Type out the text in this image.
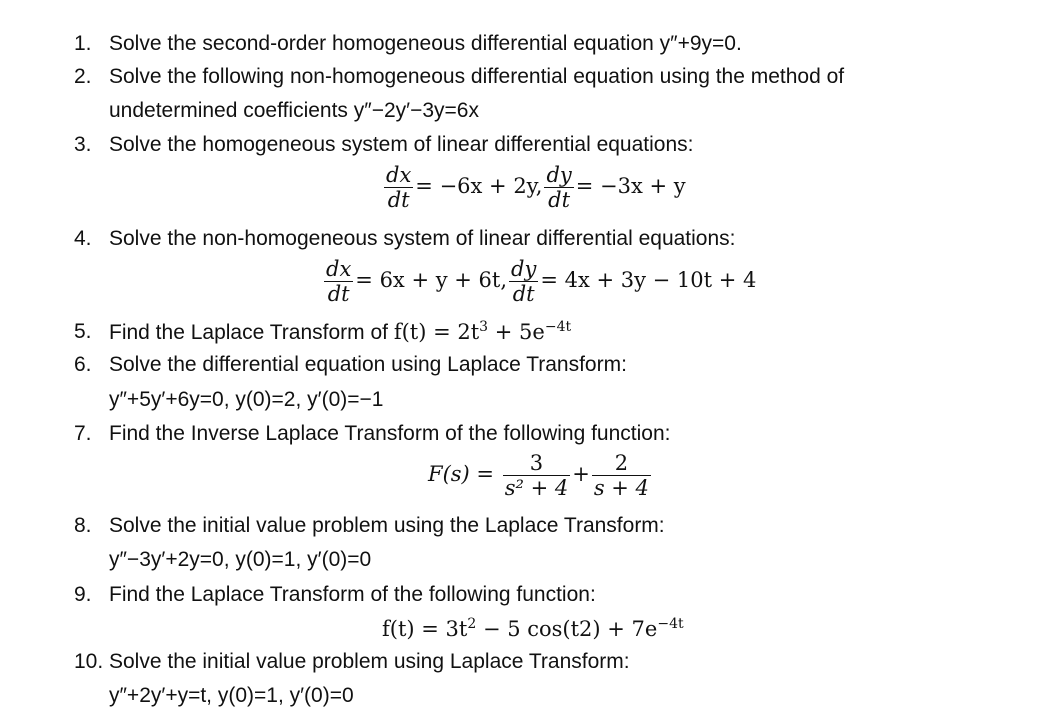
1. Solve the second-order homogeneous differential equation y″+9y=0.
2. Solve the following non-homogeneous differential equation using the method of
undetermined coefficients y″−2y′−3y=6x
3. Solve the homogeneous system of linear differential equations:
$\frac{dx}{dt} = -6x + 2y$, $\frac{dy}{dt} = -3x + y$
4. Solve the non-homogeneous system of linear differential equations:
$\frac{dx}{dt} = 6x + y + 6t$, $\frac{dy}{dt} = 4x + 3y - 10t + 4$
5. Find the Laplace Transform of $f(t) = 2t^3 + 5e^{-4t}$
6. Solve the differential equation using Laplace Transform:
y″+5y′+6y=0, y(0)=2, y′(0)=−1
7. Find the Inverse Laplace Transform of the following function:
$F(s) = \frac{3}{\text{s² + 4}} + \frac{2}{s + 4}$
8. Solve the initial value problem using the Laplace Transform:
y″−3y′+2y=0, y(0)=1, y′(0)=0
9. Find the Laplace Transform of the following function:
$f(t) = 3t^2 - 5$ $\cos(t2) + 7e^{-4t}$
10. Solve the initial value problem using Laplace Transform:
y″+2y′+y=t, y(0)=1, y′(0)=0
